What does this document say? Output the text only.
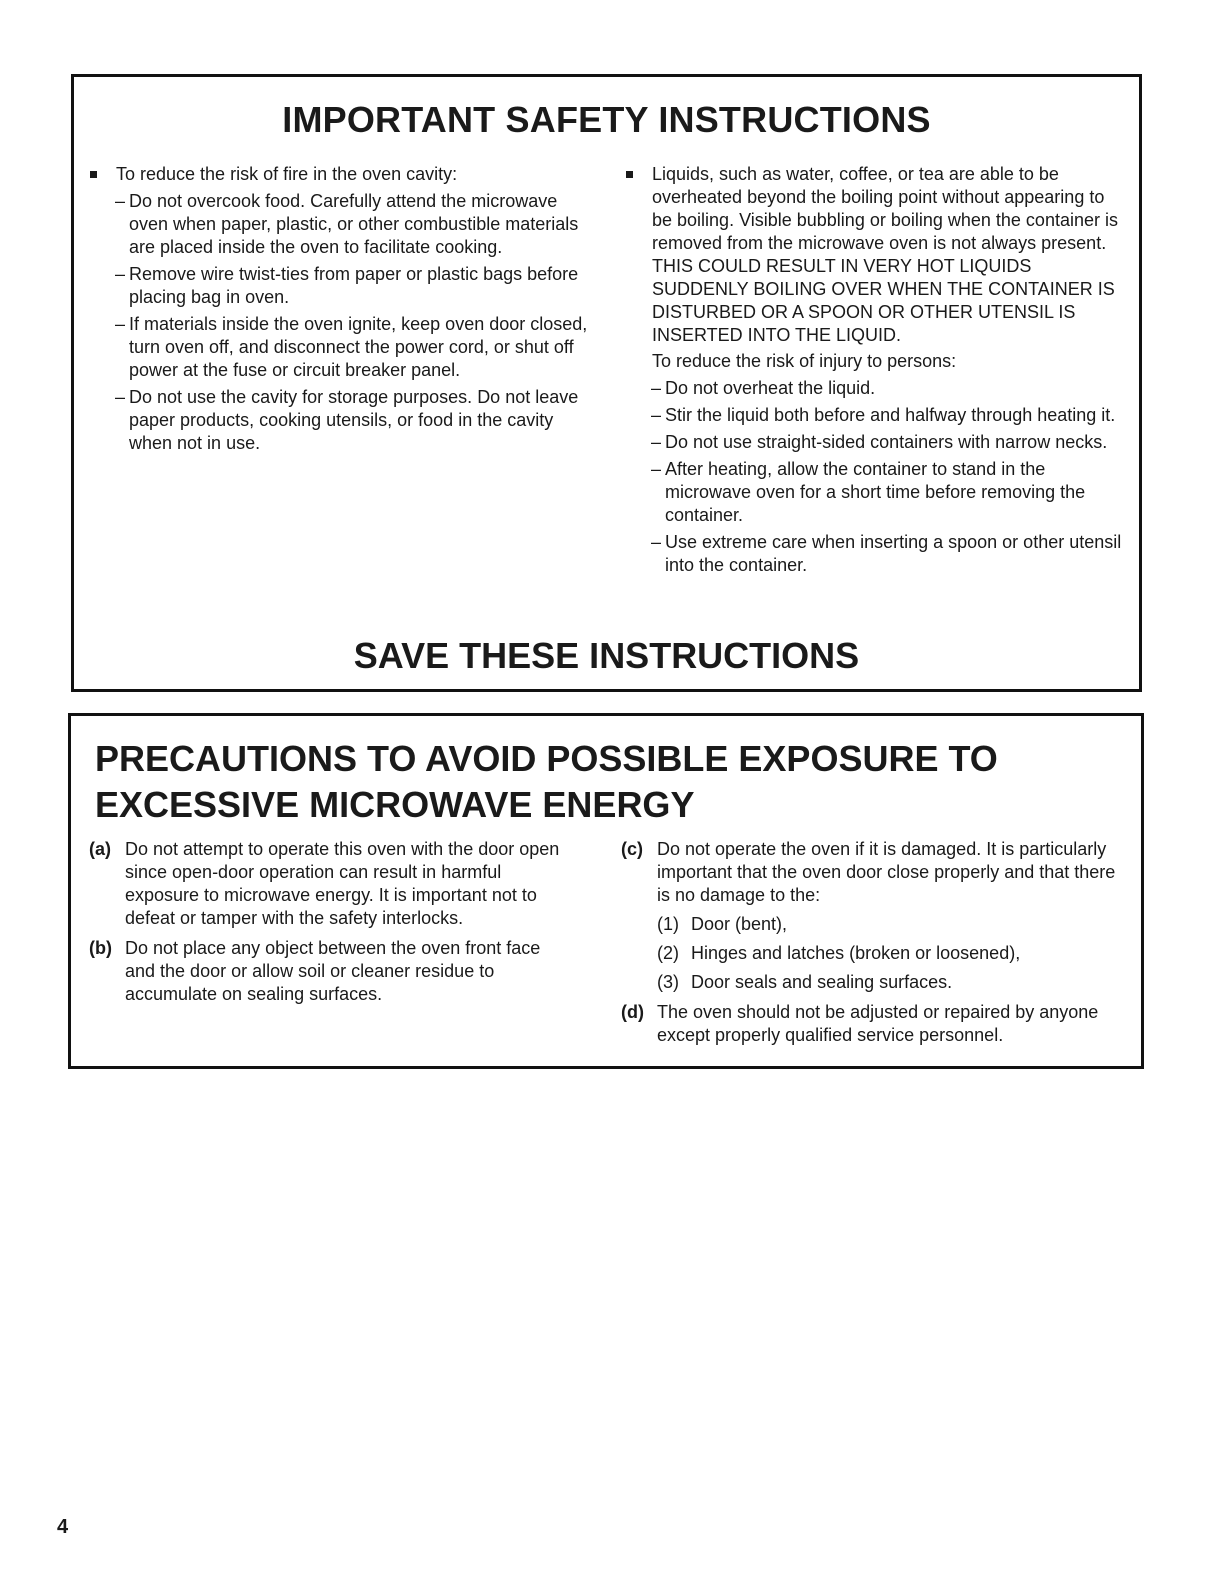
IMPORTANT SAFETY INSTRUCTIONS
To reduce the risk of fire in the oven cavity:
– Do not overcook food. Carefully attend the microwave oven when paper, plastic, or other combustible materials are placed inside the oven to facilitate cooking.
– Remove wire twist-ties from paper or plastic bags before placing bag in oven.
– If materials inside the oven ignite, keep oven door closed, turn oven off, and disconnect the power cord, or shut off power at the fuse or circuit breaker panel.
– Do not use the cavity for storage purposes. Do not leave paper products, cooking utensils, or food in the cavity when not in use.
Liquids, such as water, coffee, or tea are able to be overheated beyond the boiling point without appearing to be boiling. Visible bubbling or boiling when the container is removed from the microwave oven is not always present. THIS COULD RESULT IN VERY HOT LIQUIDS SUDDENLY BOILING OVER WHEN THE CONTAINER IS DISTURBED OR A SPOON OR OTHER UTENSIL IS INSERTED INTO THE LIQUID.
To reduce the risk of injury to persons:
– Do not overheat the liquid.
– Stir the liquid both before and halfway through heating it.
– Do not use straight-sided containers with narrow necks.
– After heating, allow the container to stand in the microwave oven for a short time before removing the container.
– Use extreme care when inserting a spoon or other utensil into the container.
SAVE THESE INSTRUCTIONS
PRECAUTIONS TO AVOID POSSIBLE EXPOSURE TO
EXCESSIVE MICROWAVE ENERGY
(a) Do not attempt to operate this oven with the door open since open-door operation can result in harmful exposure to microwave energy. It is important not to defeat or tamper with the safety interlocks.
(b) Do not place any object between the oven front face and the door or allow soil or cleaner residue to accumulate on sealing surfaces.
(c) Do not operate the oven if it is damaged. It is particularly important that the oven door close properly and that there is no damage to the:
(1) Door (bent),
(2) Hinges and latches (broken or loosened),
(3) Door seals and sealing surfaces.
(d) The oven should not be adjusted or repaired by anyone except properly qualified service personnel.
4
